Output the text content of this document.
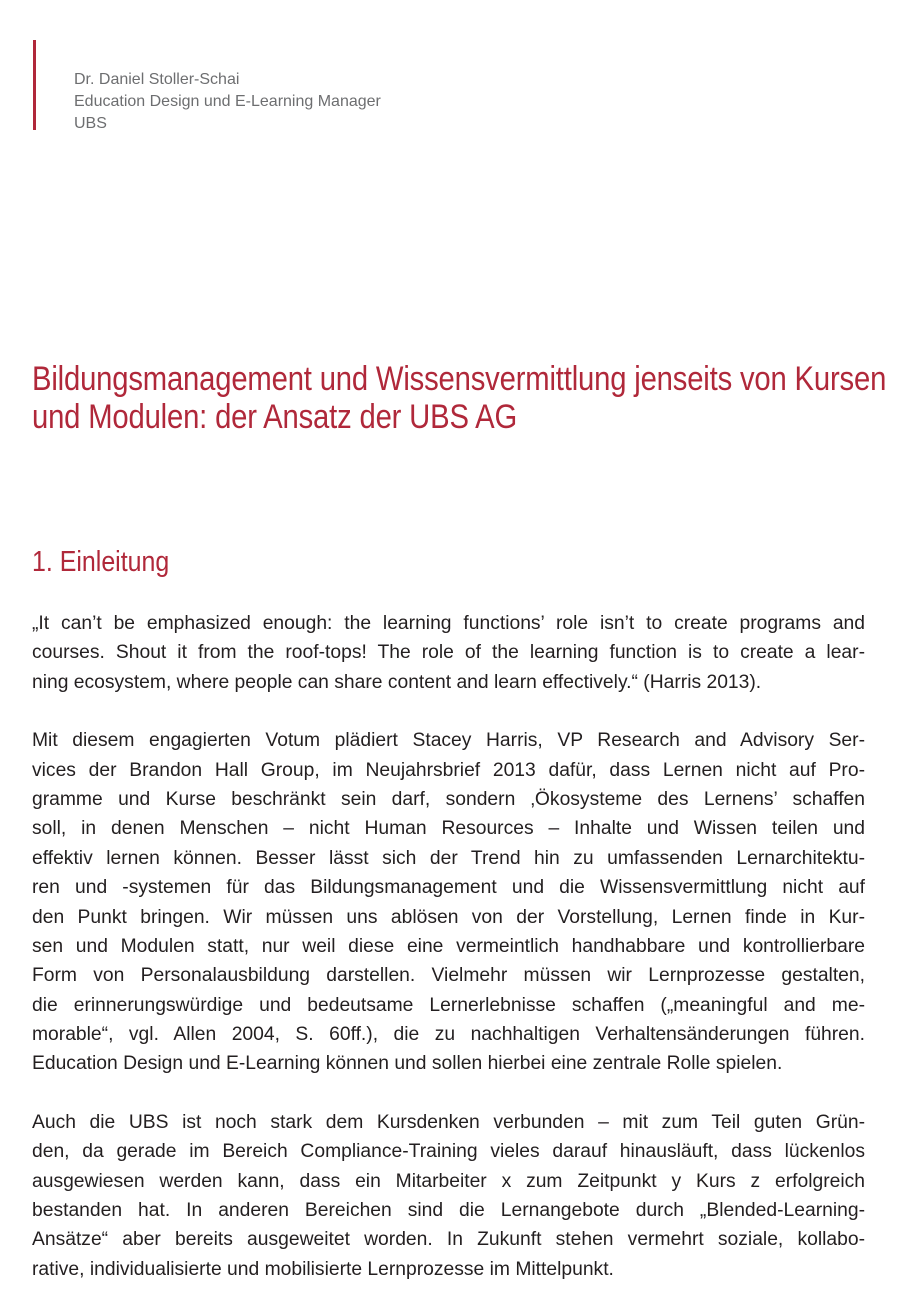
Dr. Daniel Stoller-Schai
Education Design und E-Learning Manager
UBS
Bildungsmanagement und Wissensvermittlung jenseits von Kursen
und Modulen: der Ansatz der UBS AG
1. Einleitung

„It can’t be emphasized enough: the learning functions’ role isn’t to create programs and
courses. Shout it from the roof-tops! The role of the learning function is to create a lear-
ning ecosystem, where people can share content and learn effectively.“ (Harris 2013).

Mit diesem engagierten Votum plädiert Stacey Harris, VP Research and Advisory Ser-
vices der Brandon Hall Group, im Neujahrsbrief 2013 dafür, dass Lernen nicht auf Pro-
gramme und Kurse beschränkt sein darf, sondern ‚Ökosysteme des Lernens’ schaffen
soll, in denen Menschen – nicht Human Resources – Inhalte und Wissen teilen und
effektiv lernen können. Besser lässt sich der Trend hin zu umfassenden Lernarchitektu-
ren und -systemen für das Bildungsmanagement und die Wissensvermittlung nicht auf
den Punkt bringen. Wir müssen uns ablösen von der Vorstellung, Lernen finde in Kur-
sen und Modulen statt, nur weil diese eine vermeintlich handhabbare und kontrollierbare
Form von Personalausbildung darstellen. Vielmehr müssen wir Lernprozesse gestalten,
die erinnerungswürdige und bedeutsame Lernerlebnisse schaffen („meaningful and me-
morable“, vgl. Allen 2004, S. 60ff.), die zu nachhaltigen Verhaltensänderungen führen.
Education Design und E-Learning können und sollen hierbei eine zentrale Rolle spielen.

Auch die UBS ist noch stark dem Kursdenken verbunden – mit zum Teil guten Grün-
den, da gerade im Bereich Compliance-Training vieles darauf hinausläuft, dass lückenlos
ausgewiesen werden kann, dass ein Mitarbeiter x zum Zeitpunkt y Kurs z erfolgreich
bestanden hat. In anderen Bereichen sind die Lernangebote durch „Blended-Learning-
Ansätze“ aber bereits ausgeweitet worden. In Zukunft stehen vermehrt soziale, kollabo-
rative, individualisierte und mobilisierte Lernprozesse im Mittelpunkt.
